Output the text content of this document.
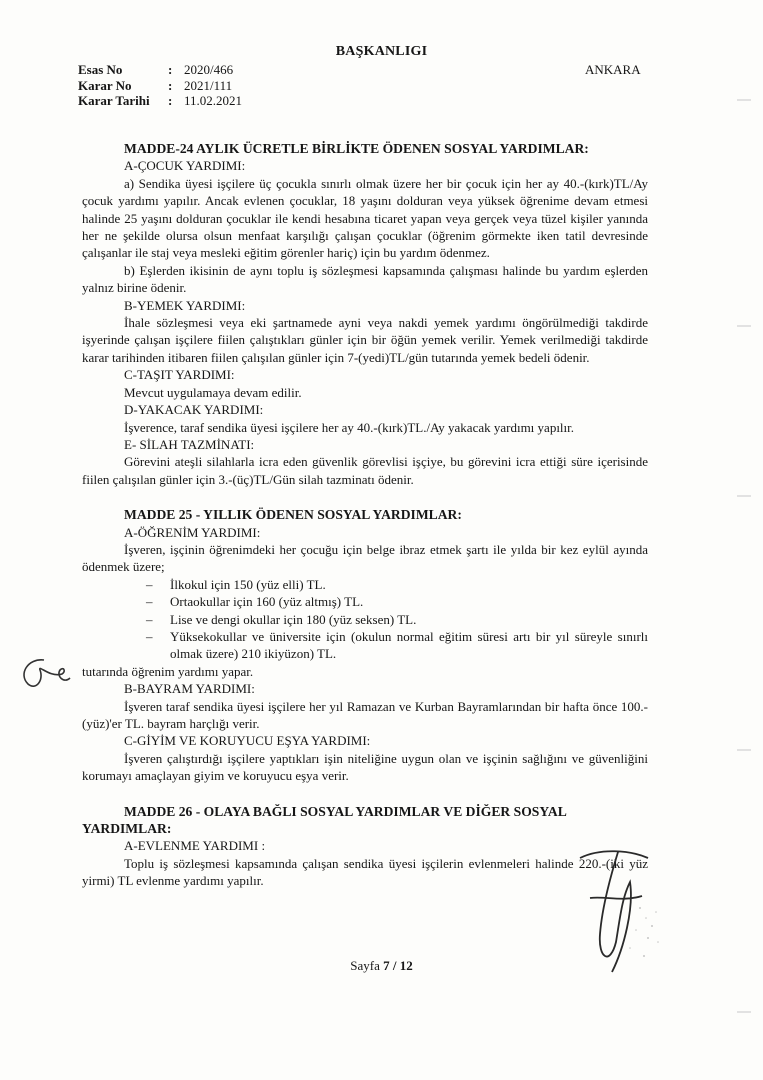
BAŞKANLIGI
Esas No	: 2020/466
Karar No	: 2021/111
Karar Tarihi	: 11.02.2021
ANKARA
MADDE-24 AYLIK ÜCRETLE BİRLİKTE ÖDENEN SOSYAL YARDIMLAR:
A-ÇOCUK YARDIMI:

a) Sendika üyesi işçilere üç çocukla sınırlı olmak üzere her bir çocuk için her ay 40.-(kırk)TL/Ay çocuk yardımı yapılır. Ancak evlenen çocuklar, 18 yaşını dolduran veya yüksek öğrenime devam etmesi halinde 25 yaşını dolduran çocuklar ile kendi hesabına ticaret yapan veya gerçek veya tüzel kişiler yanında her ne şekilde olursa olsun menfaat karşılığı çalışan çocuklar (öğrenim görmekte iken tatil devresinde çalışanlar ile staj veya mesleki eğitim görenler hariç) için bu yardım ödenmez.

b) Eşlerden ikisinin de aynı toplu iş sözleşmesi kapsamında çalışması halinde bu yardım eşlerden yalnız birine ödenir.

B-YEMEK YARDIMI:

İhale sözleşmesi veya eki şartnamede ayni veya nakdi yemek yardımı öngörülmediği takdirde işyerinde çalışan işçilere fiilen çalıştıkları günler için bir öğün yemek verilir. Yemek verilmediği takdirde karar tarihinden itibaren fiilen çalışılan günler için 7-(yedi)TL/gün tutarında yemek bedeli ödenir.

C-TAŞIT YARDIMI:

Mevcut uygulamaya devam edilir.

D-YAKACAK YARDIMI:

İşverence, taraf sendika üyesi işçilere her ay 40.-(kırk)TL./Ay yakacak yardımı yapılır.

E- SİLAH TAZMİNATI:

Görevini ateşli silahlarla icra eden güvenlik görevlisi işçiye, bu görevini icra ettiği süre içerisinde fiilen çalışılan günler için 3.-(üç)TL/Gün silah tazminatı ödenir.

MADDE 25 - YILLIK ÖDENEN SOSYAL YARDIMLAR:
A-ÖĞRENİM YARDIMI:

İşveren, işçinin öğrenimdeki her çocuğu için belge ibraz etmek şartı ile yılda bir kez eylül ayında ödenmek üzere;

– İlkokul için 150 (yüz elli) TL.
– Ortaokullar için 160 (yüz altmış) TL.
– Lise ve dengi okullar için 180 (yüz seksen) TL.
– Yüksekokullar ve üniversite için (okulun normal eğitim süresi artı bir yıl süreyle sınırlı olmak üzere) 210 ikiyüzon) TL.

tutarında öğrenim yardımı yapar.

B-BAYRAM YARDIMI:

İşveren taraf sendika üyesi işçilere her yıl Ramazan ve Kurban Bayramlarından bir hafta önce 100.-(yüz)'er TL. bayram harçlığı verir.

C-GİYİM VE KORUYUCU EŞYA YARDIMI:

İşveren çalıştırdığı işçilere yaptıkları işin niteliğine uygun olan ve işçinin sağlığını ve güvenliğini korumayı amaçlayan giyim ve koruyucu eşya verir.

MADDE 26 - OLAYA BAĞLI SOSYAL YARDIMLAR VE DİĞER SOSYAL YARDIMLAR:
A-EVLENME YARDIMI :

Toplu iş sözleşmesi kapsamında çalışan sendika üyesi işçilerin evlenmeleri halinde 220.-(iki yüz yirmi) TL evlenme yardımı yapılır.

Sayfa 7 / 12
